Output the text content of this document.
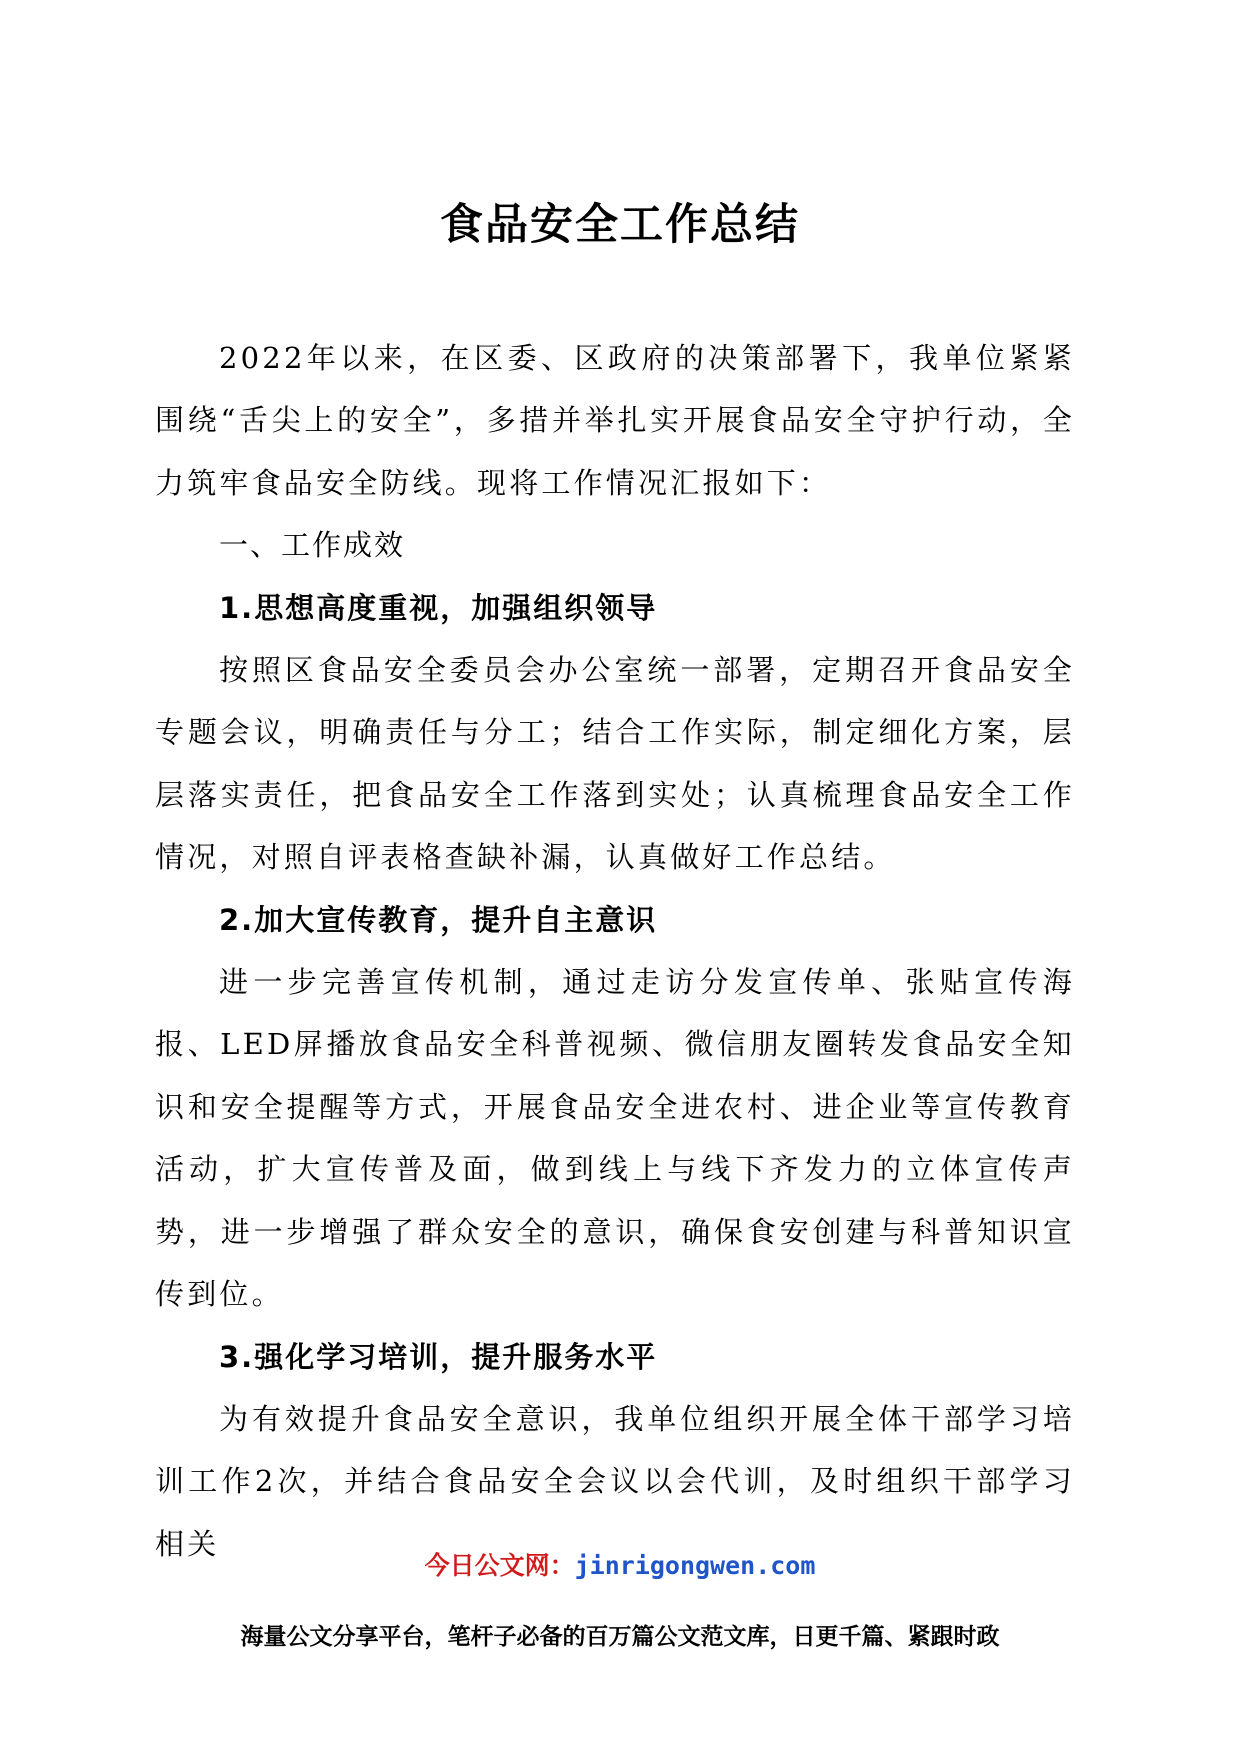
食品安全工作总结

2022年以来，在区委、区政府的决策部署下，我单位紧紧围绕“舌尖上的安全”，多措并举扎实开展食品安全守护行动，全力筑牢食品安全防线。现将工作情况汇报如下：

一、工作成效

1.思想高度重视，加强组织领导

按照区食品安全委员会办公室统一部署，定期召开食品安全专题会议，明确责任与分工；结合工作实际，制定细化方案，层层落实责任，把食品安全工作落到实处；认真梳理食品安全工作情况，对照自评表格查缺补漏，认真做好工作总结。

2.加大宣传教育，提升自主意识

进一步完善宣传机制，通过走访分发宣传单、张贴宣传海报、LED屏播放食品安全科普视频、微信朋友圈转发食品安全知识和安全提醒等方式，开展食品安全进农村、进企业等宣传教育活动，扩大宣传普及面，做到线上与线下齐发力的立体宣传声势，进一步增强了群众安全的意识，确保食安创建与科普知识宣传到位。

3.强化学习培训，提升服务水平

为有效提升食品安全意识，我单位组织开展全体干部学习培训工作2次，并结合食品安全会议以会代训，及时组织干部学习相关

今日公文网：jinrigongwen.com
海量公文分享平台，笔杆子必备的百万篇公文范文库，日更千篇、紧跟时政
